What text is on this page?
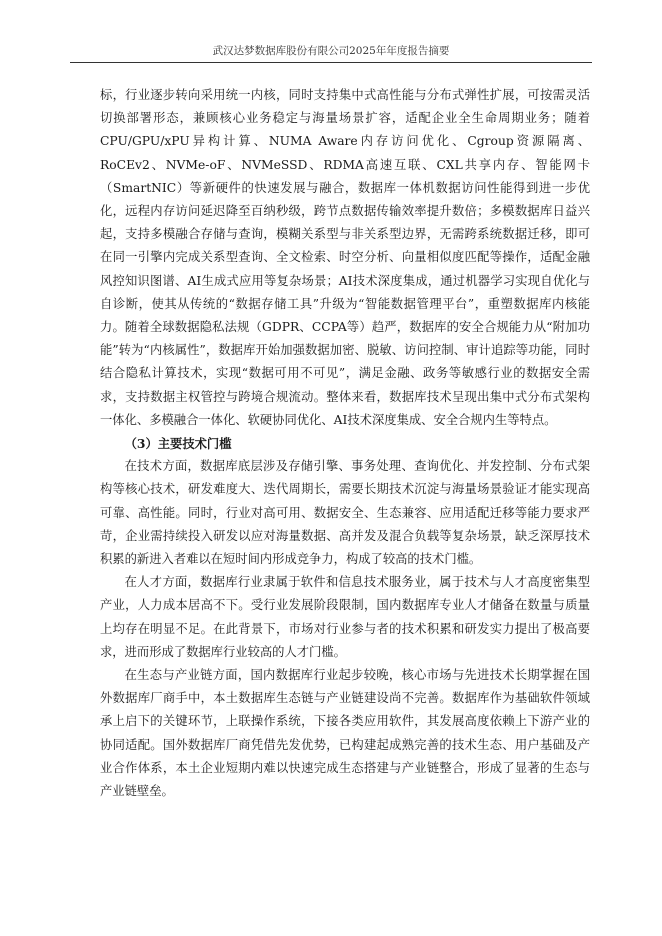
武汉达梦数据库股份有限公司2025年年度报告摘要

标，行业逐步转向采用统一内核，同时支持集中式高性能与分布式弹性扩展，可按需灵活切换部署形态，兼顾核心业务稳定与海量场景扩容，适配企业全生命周期业务；随着CPU/GPU/xPU异构计算、NUMA Aware内存访问优化、Cgroup资源隔离、RoCEv2、NVMe-oF、NVMeSSD、RDMA高速互联、CXL共享内存、智能网卡（SmartNIC）等新硬件的快速发展与融合，数据库一体机数据访问性能得到进一步优化，远程内存访问延迟降至百纳秒级，跨节点数据传输效率提升数倍；多模数据库日益兴起，支持多模融合存储与查询，模糊关系型与非关系型边界，无需跨系统数据迁移，即可在同一引擎内完成关系型查询、全文检索、时空分析、向量相似度匹配等操作，适配金融风控知识图谱、AI生成式应用等复杂场景；AI技术深度集成，通过机器学习实现自优化与自诊断，使其从传统的“数据存储工具”升级为“智能数据管理平台”，重塑数据库内核能力。随着全球数据隐私法规（GDPR、CCPA等）趋严，数据库的安全合规能力从“附加功能”转为“内核属性”，数据库开始加强数据加密、脱敏、访问控制、审计追踪等功能，同时结合隐私计算技术，实现“数据可用不可见”，满足金融、政务等敏感行业的数据安全需求，支持数据主权管控与跨境合规流动。整体来看，数据库技术呈现出集中式分布式架构一体化、多模融合一体化、软硬协同优化、AI技术深度集成、安全合规内生等特点。

（3）主要技术门槛

在技术方面，数据库底层涉及存储引擎、事务处理、查询优化、并发控制、分布式架构等核心技术，研发难度大、迭代周期长，需要长期技术沉淀与海量场景验证才能实现高可靠、高性能。同时，行业对高可用、数据安全、生态兼容、应用适配迁移等能力要求严苛，企业需持续投入研发以应对海量数据、高并发及混合负载等复杂场景，缺乏深厚技术积累的新进入者难以在短时间内形成竞争力，构成了较高的技术门槛。

在人才方面，数据库行业隶属于软件和信息技术服务业，属于技术与人才高度密集型产业，人力成本居高不下。受行业发展阶段限制，国内数据库专业人才储备在数量与质量上均存在明显不足。在此背景下，市场对行业参与者的技术积累和研发实力提出了极高要求，进而形成了数据库行业较高的人才门槛。

在生态与产业链方面，国内数据库行业起步较晚，核心市场与先进技术长期掌握在国外数据库厂商手中，本土数据库生态链与产业链建设尚不完善。数据库作为基础软件领域承上启下的关键环节，上联操作系统，下接各类应用软件，其发展高度依赖上下游产业的协同适配。国外数据库厂商凭借先发优势，已构建起成熟完善的技术生态、用户基础及产业合作体系，本土企业短期内难以快速完成生态搭建与产业链整合，形成了显著的生态与产业链壁垒。
